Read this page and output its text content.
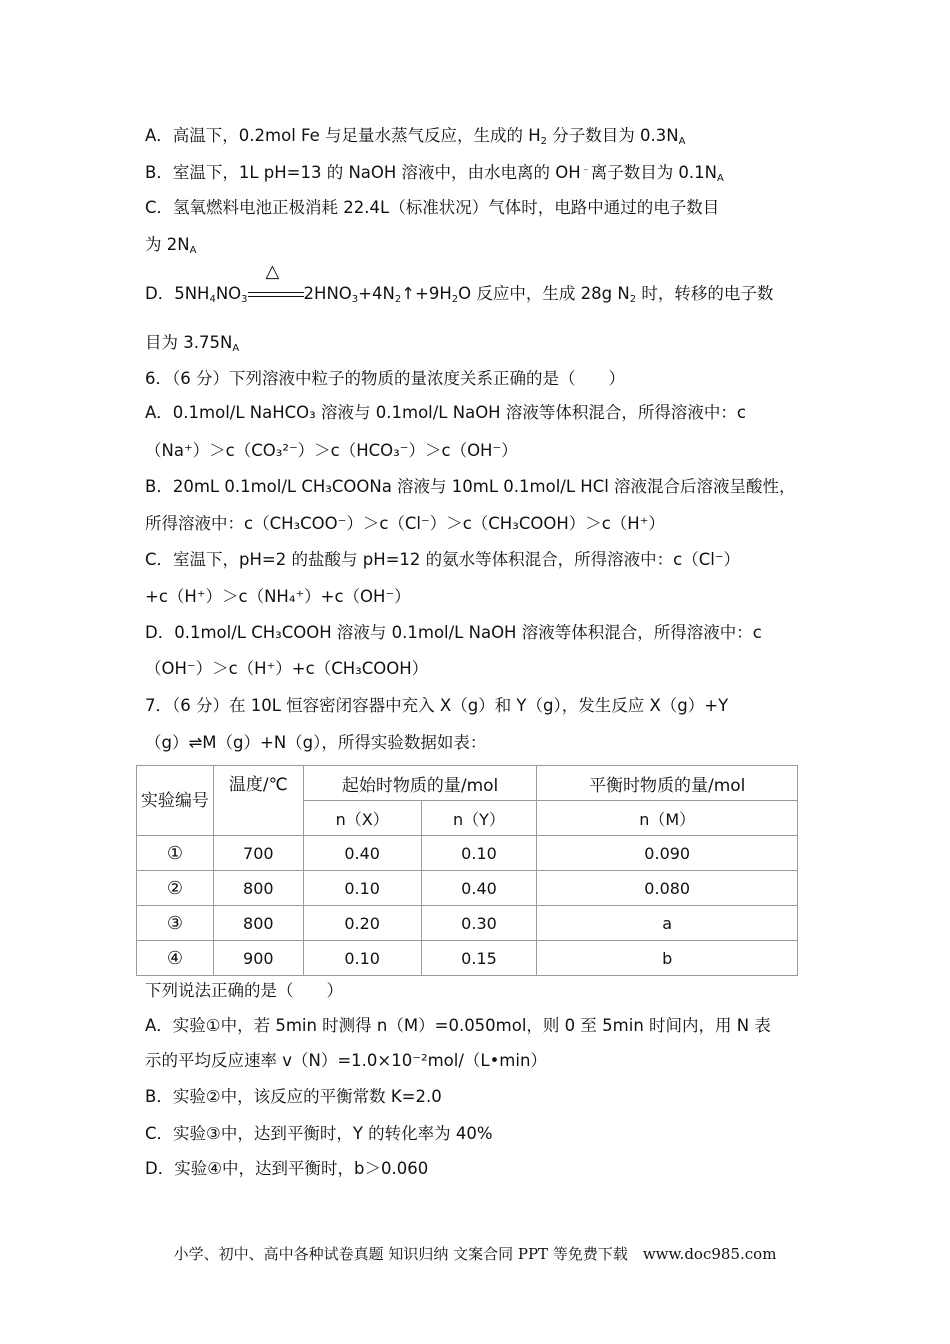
A．高温下，0.2mol Fe 与足量水蒸气反应，生成的 $H_2$ 分子数目为 $0.3N_A$
B．室温下，1L pH=13 的 NaOH 溶液中，由水电离的 OH﹣离子数目为 $0.1N_A$
C．氢氧燃料电池正极消耗 22.4L（标准状况）气体时，电路中通过的电子数目
为 $2N_A$
D．$5NH_4NO_3$
△
$2HNO_3+4N_2↑+9H_2O$ 反应中，生成 28g $N_2$ 时，转移的电子数
目为 $3.75N_A$
6．（6 分）下列溶液中粒子的物质的量浓度关系正确的是（　　）
A．0.1mol/L NaHCO₃ 溶液与 0.1mol/L NaOH 溶液等体积混合，所得溶液中：c
（Na⁺）＞c（CO₃²⁻）＞c（HCO₃⁻）＞c（OH⁻）
B．20mL 0.1mol/L CH₃COONa 溶液与 10mL 0.1mol/L HCl 溶液混合后溶液呈酸性，
所得溶液中：c（CH₃COO⁻）＞c（Cl⁻）＞c（CH₃COOH）＞c（H⁺）
C．室温下，pH=2 的盐酸与 pH=12 的氨水等体积混合，所得溶液中：c（Cl⁻）
+c（H⁺）＞c（NH₄⁺）+c（OH⁻）
D．0.1mol/L CH₃COOH 溶液与 0.1mol/L NaOH 溶液等体积混合，所得溶液中：c
（OH⁻）＞c（H⁺）+c（CH₃COOH）
7．（6 分）在 10L 恒容密闭容器中充入 X（g）和 Y（g），发生反应 X（g）+Y
（g）⇌M（g）+N（g），所得实验数据如表：
实验编号	温度/℃	起始时物质的量/mol		平衡时物质的量/mol
		n（X）	n（Y）	n（M）
①	700	0.40	0.10	0.090
②	800	0.10	0.40	0.080
③	800	0.20	0.30	a
④	900	0.10	0.15	b
下列说法正确的是（　　）
A．实验①中，若 5min 时测得 n（M）=0.050mol，则 0 至 5min 时间内，用 N 表
示的平均反应速率 v（N）=1.0×10⁻²mol/（L•min）
B．实验②中，该反应的平衡常数 K=2.0
C．实验③中，达到平衡时，Y 的转化率为 40%
D．实验④中，达到平衡时，b＞0.060
小学、初中、高中各种试卷真题 知识归纳 文案合同 PPT 等免费下载　www.doc985.com
